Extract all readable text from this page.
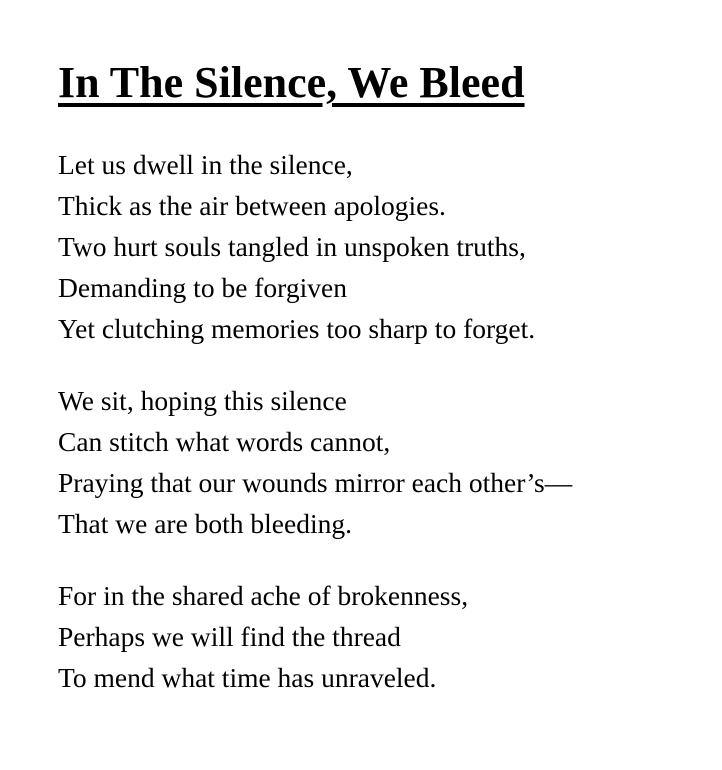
In The Silence, We Bleed
Let us dwell in the silence,
Thick as the air between apologies.
Two hurt souls tangled in unspoken truths,
Demanding to be forgiven
Yet clutching memories too sharp to forget.
We sit, hoping this silence
Can stitch what words cannot,
Praying that our wounds mirror each other’s—
That we are both bleeding.
For in the shared ache of brokenness,
Perhaps we will find the thread
To mend what time has unraveled.
